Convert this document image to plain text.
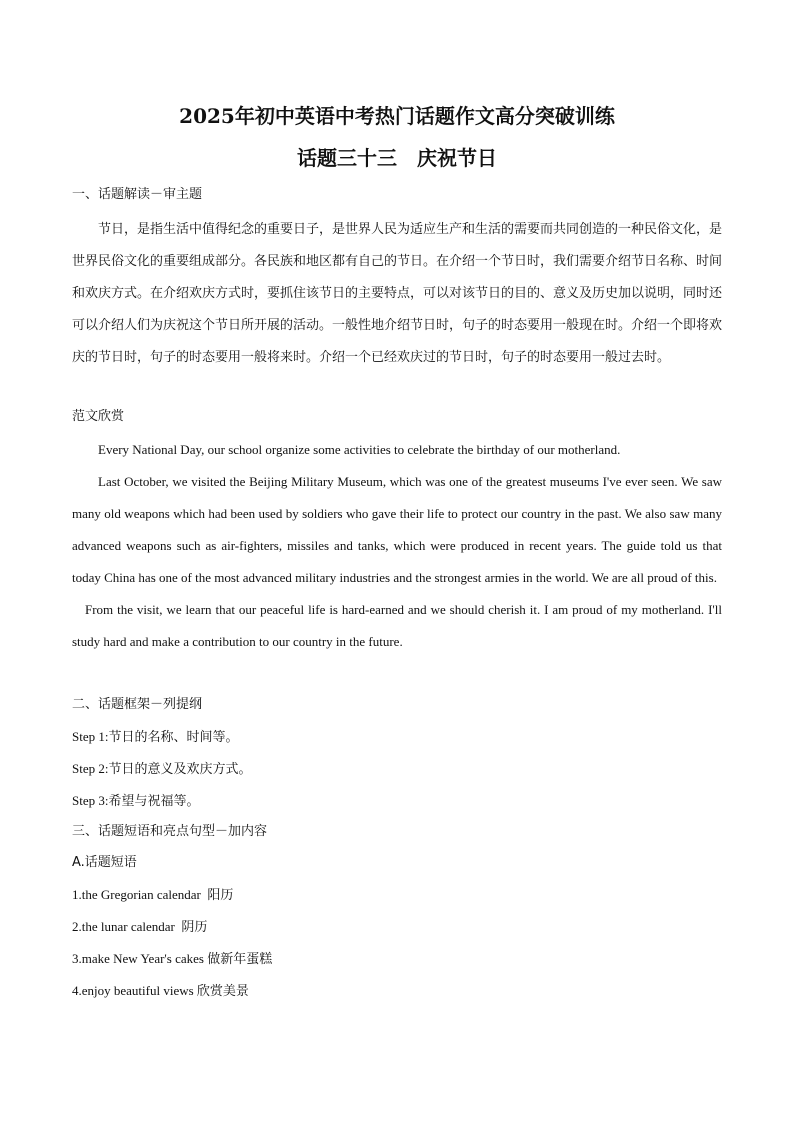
2025年初中英语中考热门话题作文高分突破训练
话题三十三　庆祝节日
一、话题解读－审主题

节日，是指生活中值得纪念的重要日子，是世界人民为适应生产和生活的需要而共同创造的一种民俗文化，是世界民俗文化的重要组成部分。各民族和地区都有自己的节日。在介绍一个节日时，我们需要介绍节日名称、时间和欢庆方式。在介绍欢庆方式时，要抓住该节日的主要特点，可以对该节日的目的、意义及历史加以说明，同时还可以介绍人们为庆祝这个节日所开展的活动。一般性地介绍节日时，句子的时态要用一般现在时。介绍一个即将欢庆的节日时，句子的时态要用一般将来时。介绍一个已经欢庆过的节日时，句子的时态要用一般过去时。

范文欣赏

Every National Day, our school organize some activities to celebrate the birthday of our motherland.

Last October, we visited the Beijing Military Museum, which was one of the greatest museums I've ever seen. We saw many old weapons which had been used by soldiers who gave their life to protect our country in the past. We also saw many advanced weapons such as air-fighters, missiles and tanks, which were produced in recent years. The guide told us that today China has one of the most advanced military industries and the strongest armies in the world. We are all proud of this.

From the visit, we learn that our peaceful life is hard-earned and we should cherish it. I am proud of my motherland. I'll study hard and make a contribution to our country in the future.

二、话题框架－列提纲
Step 1:节日的名称、时间等。
Step 2:节日的意义及欢庆方式。
Step 3:希望与祝福等。
三、话题短语和亮点句型－加内容
A.话题短语
1.the Gregorian calendar 阳历
2.the lunar calendar 阴历
3.make New Year's cakes 做新年蛋糕
4.enjoy beautiful views 欣赏美景
